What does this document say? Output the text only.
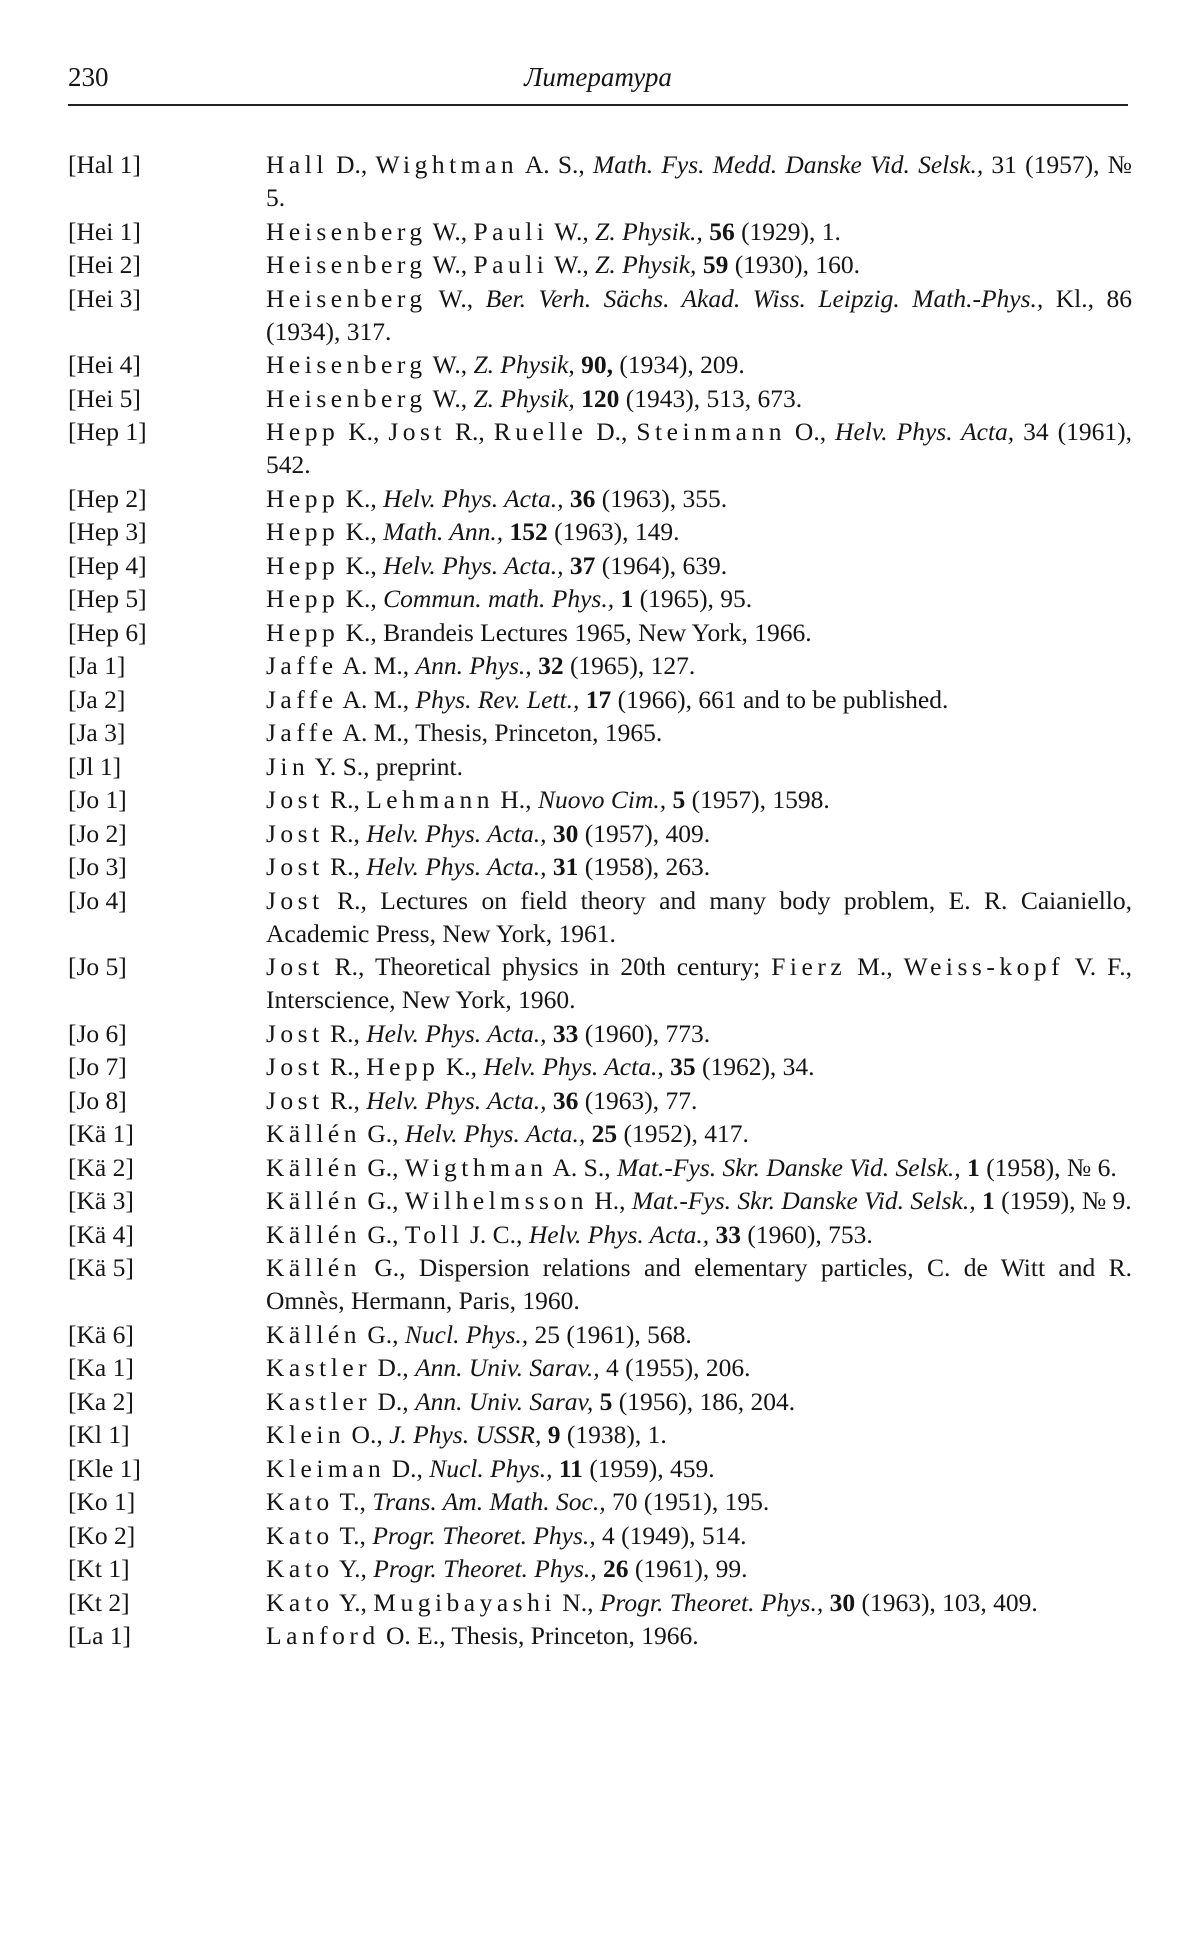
230	Литература
[Hal 1]	Hall D., Wightman A. S., Math. Fys. Medd. Danske Vid. Selsk., 31 (1957), № 5.
[Hei 1]	Heisenberg W., Pauli W., Z. Physik., 56 (1929), 1.
[Hei 2]	Heisenberg W., Pauli W., Z. Physik, 59 (1930), 160.
[Hei 3]	Heisenberg W., Ber. Verh. Sächs. Akad. Wiss. Leipzig. Math.-Phys., Kl., 86 (1934), 317.
[Hei 4]	Heisenberg W., Z. Physik, 90, (1934), 209.
[Hei 5]	Heisenberg W., Z. Physik, 120 (1943), 513, 673.
[Hep 1]	Hepp K., Jost R., Ruelle D., Steinmann O., Helv. Phys. Acta, 34 (1961), 542.
[Hep 2]	Hepp K., Helv. Phys. Acta., 36 (1963), 355.
[Hep 3]	Hepp K., Math. Ann., 152 (1963), 149.
[Hep 4]	Hepp K., Helv. Phys. Acta., 37 (1964), 639.
[Hep 5]	Hepp K., Commun. math. Phys., 1 (1965), 95.
[Hep 6]	Hepp K., Brandeis Lectures 1965, New York, 1966.
[Ja 1]	Jaffe A. M., Ann. Phys., 32 (1965), 127.
[Ja 2]	Jaffe A. M., Phys. Rev. Lett., 17 (1966), 661 and to be published.
[Ja 3]	Jaffe A. M., Thesis, Princeton, 1965.
[Jl 1]	Jin Y. S., preprint.
[Jo 1]	Jost R., Lehmann H., Nuovo Cim., 5 (1957), 1598.
[Jo 2]	Jost R., Helv. Phys. Acta., 30 (1957), 409.
[Jo 3]	Jost R., Helv. Phys. Acta., 31 (1958), 263.
[Jo 4]	Jost R., Lectures on field theory and many body problem, E. R. Caianiello, Academic Press, New York, 1961.
[Jo 5]	Jost R., Theoretical physics in 20th century; Fierz M., Weiss-kopf V. F., Interscience, New York, 1960.
[Jo 6]	Jost R., Helv. Phys. Acta., 33 (1960), 773.
[Jo 7]	Jost R., Hepp K., Helv. Phys. Acta., 35 (1962), 34.
[Jo 8]	Jost R., Helv. Phys. Acta., 36 (1963), 77.
[Kä 1]	Källén G., Helv. Phys. Acta., 25 (1952), 417.
[Kä 2]	Källén G., Wigthman A. S., Mat.-Fys. Skr. Danske Vid. Selsk., 1 (1958), № 6.
[Kä 3]	Källén G., Wilhelmsson H., Mat.-Fys. Skr. Danske Vid. Selsk., 1 (1959), № 9.
[Kä 4]	Källén G., Toll J. C., Helv. Phys. Acta., 33 (1960), 753.
[Kä 5]	Källén G., Dispersion relations and elementary particles, C. de Witt and R. Omnès, Hermann, Paris, 1960.
[Kä 6]	Källén G., Nucl. Phys., 25 (1961), 568.
[Ka 1]	Kastler D., Ann. Univ. Sarav., 4 (1955), 206.
[Ka 2]	Kastler D., Ann. Univ. Sarav, 5 (1956), 186, 204.
[Kl 1]	Klein O., J. Phys. USSR, 9 (1938), 1.
[Kle 1]	Kleiman D., Nucl. Phys., 11 (1959), 459.
[Ko 1]	Kato T., Trans. Am. Math. Soc., 70 (1951), 195.
[Ko 2]	Kato T., Progr. Theoret. Phys., 4 (1949), 514.
[Kt 1]	Kato Y., Progr. Theoret. Phys., 26 (1961), 99.
[Kt 2]	Kato Y., Mugibayashi N., Progr. Theoret. Phys., 30 (1963), 103, 409.
[La 1]	Lanford O. E., Thesis, Princeton, 1966.
